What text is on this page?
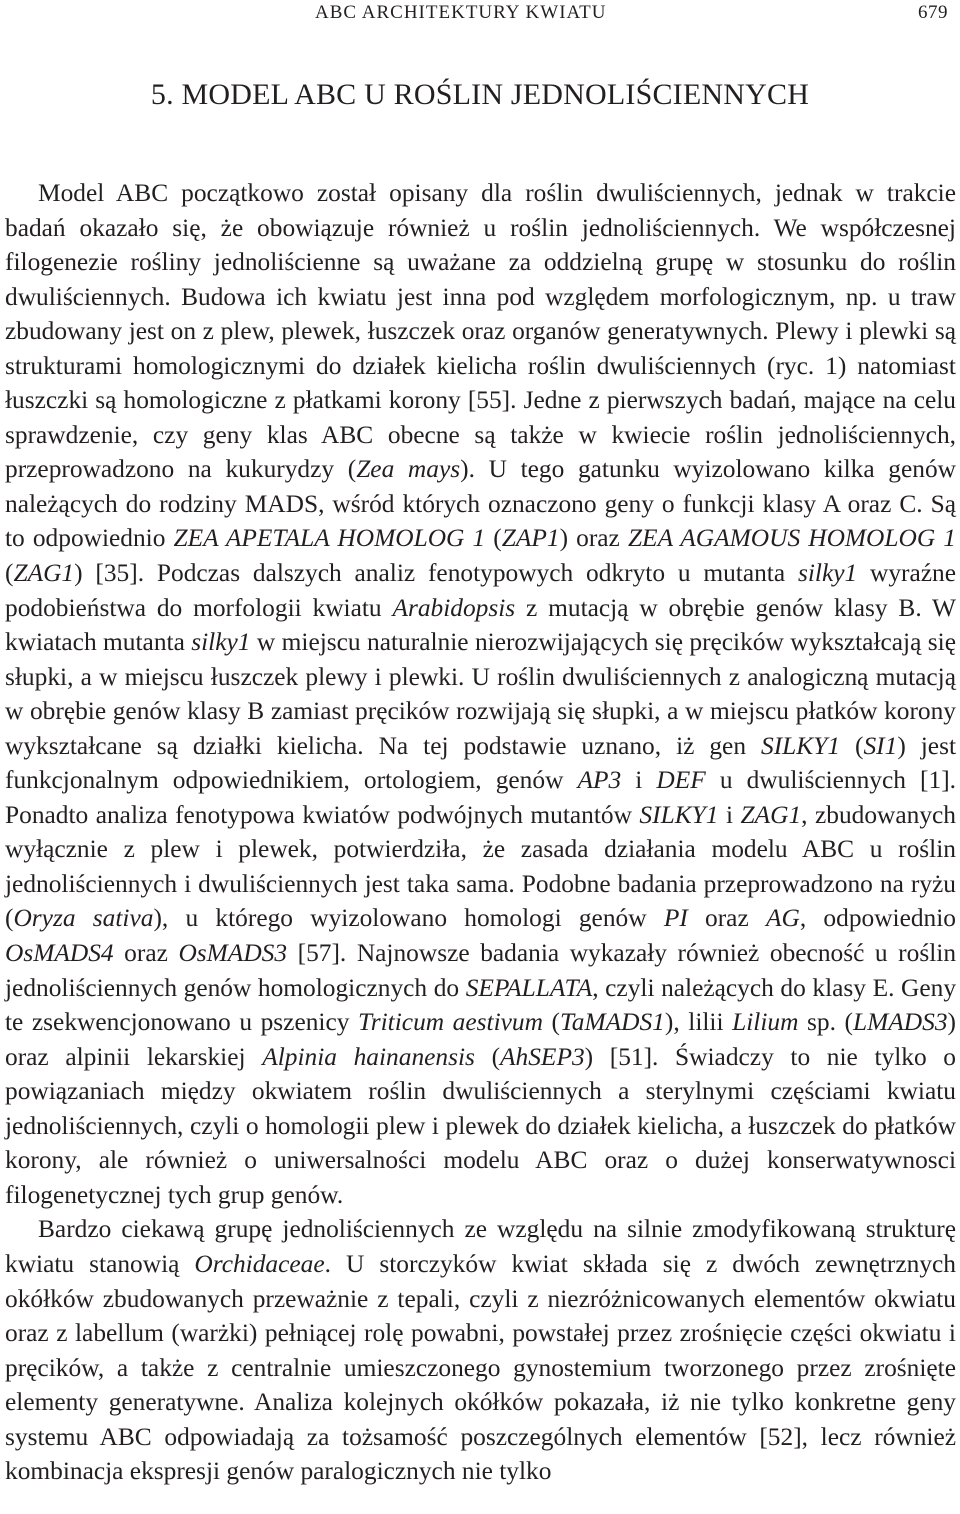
ABC ARCHITEKTURY KWIATU	679
5. MODEL ABC U ROŚLIN JEDNOLIŚCIENNYCH

Model ABC początkowo został opisany dla roślin dwuliściennych, jednak w trakcie badań okazało się, że obowiązuje również u roślin jednoliściennych. We współczesnej filogenezie rośliny jednoliścienne są uważane za oddzielną grupę w stosunku do roślin dwuliściennych. Budowa ich kwiatu jest inna pod względem morfologicznym, np. u traw zbudowany jest on z plew, plewek, łuszczek oraz organów generatywnych. Plewy i plewki są strukturami homologicznymi do działek kielicha roślin dwuliściennych (ryc. 1) natomiast łuszczki są homologiczne z płatkami korony [55]. Jedne z pierwszych badań, mające na celu sprawdzenie, czy geny klas ABC obecne są także w kwiecie roślin jednoliściennych, przeprowadzono na kukurydzy (Zea mays). U tego gatunku wyizolowano kilka genów należących do rodziny MADS, wśród których oznaczono geny o funkcji klasy A oraz C. Są to odpowiednio ZEA APETALA HOMOLOG 1 (ZAP1) oraz ZEA AGAMOUS HOMOLOG 1 (ZAG1) [35]. Podczas dalszych analiz fenotypowych odkryto u mutanta silky1 wyraźne podobieństwa do morfologii kwiatu Arabidopsis z mutacją w obrębie genów klasy B. W kwiatach mutanta silky1 w miejscu naturalnie nierozwijających się pręcików wykształcają się słupki, a w miejscu łuszczek plewy i plewki. U roślin dwuliściennych z analogiczną mutacją w obrębie genów klasy B zamiast pręcików rozwijają się słupki, a w miejscu płatków korony wykształcane są działki kielicha. Na tej podstawie uznano, iż gen SILKY1 (SI1) jest funkcjonalnym odpowiednikiem, ortologiem, genów AP3 i DEF u dwuliściennych [1]. Ponadto analiza fenotypowa kwiatów podwójnych mutantów SILKY1 i ZAG1, zbudowanych wyłącznie z plew i plewek, potwierdziła, że zasada działania modelu ABC u roślin jednoliściennych i dwuliściennych jest taka sama. Podobne badania przeprowadzono na ryżu (Oryza sativa), u którego wyizolowano homologi genów PI oraz AG, odpowiednio OsMADS4 oraz OsMADS3 [57]. Najnowsze badania wykazały również obecność u roślin jednoliściennych genów homologicznych do SEPALLATA, czyli należących do klasy E. Geny te zsekwencjonowano u pszenicy Triticum aestivum (TaMADS1), lilii Lilium sp. (LMADS3) oraz alpinii lekarskiej Alpinia hainanensis (AhSEP3) [51]. Świadczy to nie tylko o powiązaniach między okwiatem roślin dwuliściennych a sterylnymi częściami kwiatu jednoliściennych, czyli o homologii plew i plewek do działek kielicha, a łuszczek do płatków korony, ale również o uniwersalności modelu ABC oraz o dużej konserwatywnosci filogenetycznej tych grup genów.

Bardzo ciekawą grupę jednoliściennych ze względu na silnie zmodyfikowaną strukturę kwiatu stanowią Orchidaceae. U storczyków kwiat składa się z dwóch zewnętrznych okółków zbudowanych przeważnie z tepali, czyli z niezróżnicowanych elementów okwiatu oraz z labellum (warżki) pełniącej rolę powabni, powstałej przez zrośnięcie części okwiatu i pręcików, a także z centralnie umieszczonego gynostemium tworzonego przez zrośnięte elementy generatywne. Analiza kolejnych okółków pokazała, iż nie tylko konkretne geny systemu ABC odpowiadają za tożsamość poszczególnych elementów [52], lecz również kombinacja ekspresji genów paralogicznych nie tylko
